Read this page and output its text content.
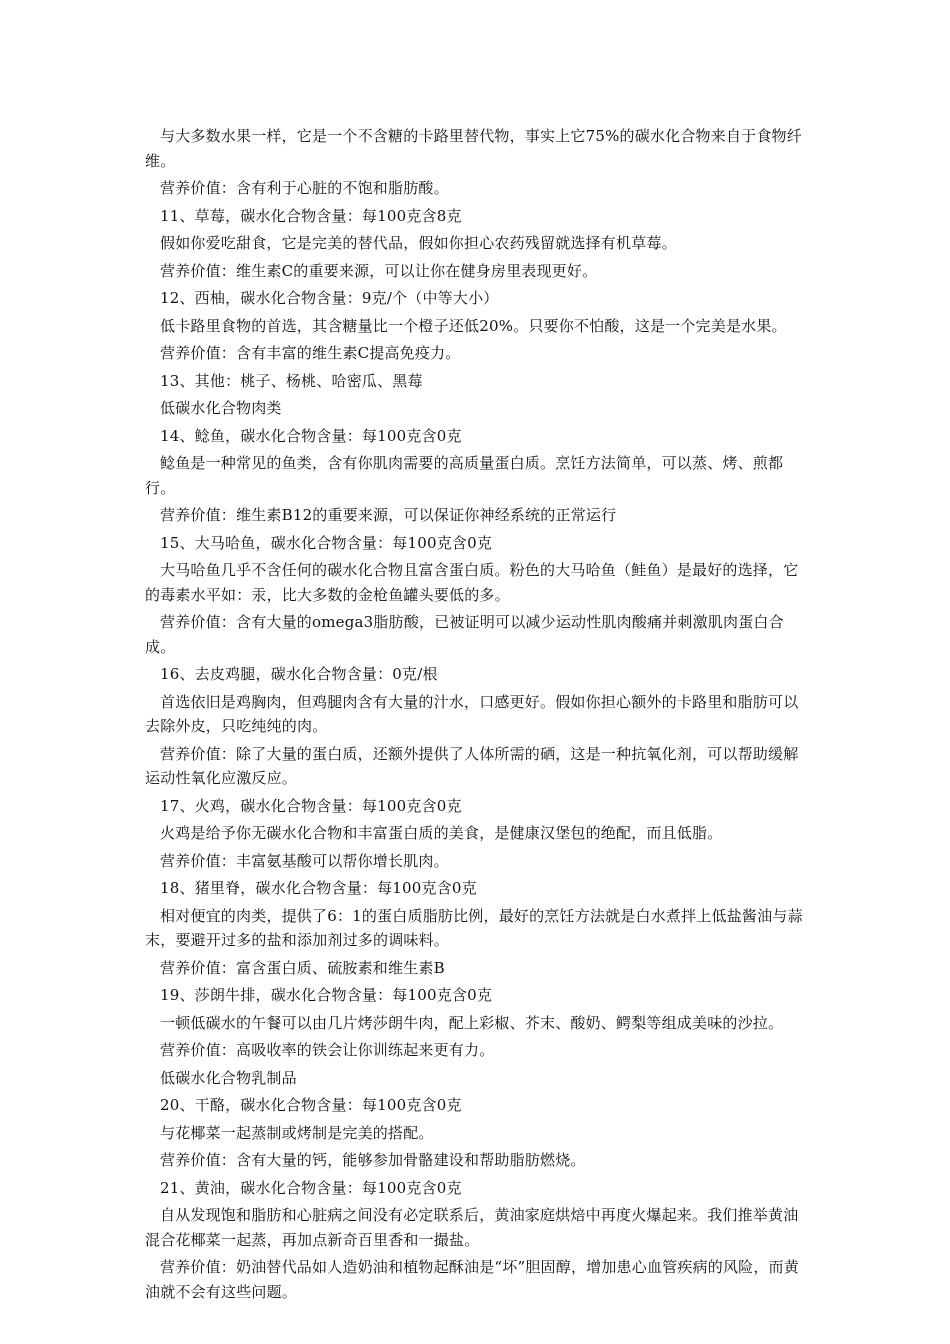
与大多数水果一样，它是一个不含糖的卡路里替代物，事实上它75%的碳水化合物来自于食物纤维。

营养价值：含有利于心脏的不饱和脂肪酸。

11、草莓，碳水化合物含量：每100克含8克

假如你爱吃甜食，它是完美的替代品，假如你担心农药残留就选择有机草莓。

营养价值：维生素C的重要来源，可以让你在健身房里表现更好。

12、西柚，碳水化合物含量：9克/个（中等大小）

低卡路里食物的首选，其含糖量比一个橙子还低20%。只要你不怕酸，这是一个完美是水果。

营养价值：含有丰富的维生素C提高免疫力。

13、其他：桃子、杨桃、哈密瓜、黑莓

低碳水化合物肉类

14、鲶鱼，碳水化合物含量：每100克含0克

鲶鱼是一种常见的鱼类，含有你肌肉需要的高质量蛋白质。烹饪方法简单，可以蒸、烤、煎都行。

营养价值：维生素B12的重要来源，可以保证你神经系统的正常运行

15、大马哈鱼，碳水化合物含量：每100克含0克

大马哈鱼几乎不含任何的碳水化合物且富含蛋白质。粉色的大马哈鱼（鲑鱼）是最好的选择，它的毒素水平如：汞，比大多数的金枪鱼罐头要低的多。

营养价值：含有大量的omega3脂肪酸，已被证明可以减少运动性肌肉酸痛并刺激肌肉蛋白合成。

16、去皮鸡腿，碳水化合物含量：0克/根

首选依旧是鸡胸肉，但鸡腿肉含有大量的汁水，口感更好。假如你担心额外的卡路里和脂肪可以去除外皮，只吃纯纯的肉。

营养价值：除了大量的蛋白质，还额外提供了人体所需的硒，这是一种抗氧化剂，可以帮助缓解运动性氧化应激反应。

17、火鸡，碳水化合物含量：每100克含0克

火鸡是给予你无碳水化合物和丰富蛋白质的美食，是健康汉堡包的绝配，而且低脂。

营养价值：丰富氨基酸可以帮你增长肌肉。

18、猪里脊，碳水化合物含量：每100克含0克

相对便宜的肉类，提供了6：1的蛋白质脂肪比例，最好的烹饪方法就是白水煮拌上低盐酱油与蒜末，要避开过多的盐和添加剂过多的调味料。

营养价值：富含蛋白质、硫胺素和维生素B

19、莎朗牛排，碳水化合物含量：每100克含0克

一顿低碳水的午餐可以由几片烤莎朗牛肉，配上彩椒、芥末、酸奶、鳄梨等组成美味的沙拉。

营养价值：高吸收率的铁会让你训练起来更有力。

低碳水化合物乳制品

20、干酪，碳水化合物含量：每100克含0克

与花椰菜一起蒸制或烤制是完美的搭配。

营养价值：含有大量的钙，能够参加骨骼建设和帮助脂肪燃烧。

21、黄油，碳水化合物含量：每100克含0克

自从发现饱和脂肪和心脏病之间没有必定联系后，黄油家庭烘焙中再度火爆起来。我们推举黄油混合花椰菜一起蒸，再加点新奇百里香和一撮盐。

营养价值：奶油替代品如人造奶油和植物起酥油是“坏”胆固醇，增加患心血管疾病的风险，而黄油就不会有这些问题。
